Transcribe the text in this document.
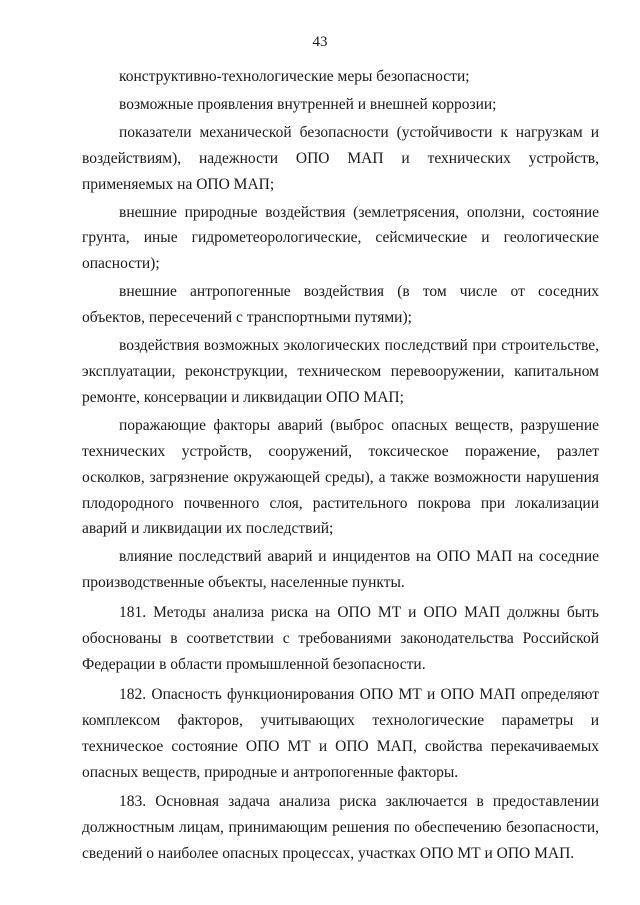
43

конструктивно-технологические меры безопасности;

возможные проявления внутренней и внешней коррозии;

показатели механической безопасности (устойчивости к нагрузкам и воздействиям), надежности ОПО МАП и технических устройств, применяемых на ОПО МАП;

внешние природные воздействия (землетрясения, оползни, состояние грунта, иные гидрометеорологические, сейсмические и геологические опасности);

внешние антропогенные воздействия (в том числе от соседних объектов, пересечений с транспортными путями);

воздействия возможных экологических последствий при строительстве, эксплуатации, реконструкции, техническом перевооружении, капитальном ремонте, консервации и ликвидации ОПО МАП;

поражающие факторы аварий (выброс опасных веществ, разрушение технических устройств, сооружений, токсическое поражение, разлет осколков, загрязнение окружающей среды), а также возможности нарушения плодородного почвенного слоя, растительного покрова при локализации аварий и ликвидации их последствий;

влияние последствий аварий и инцидентов на ОПО МАП на соседние производственные объекты, населенные пункты.

181. Методы анализа риска на ОПО МТ и ОПО МАП должны быть обоснованы в соответствии с требованиями законодательства Российской Федерации в области промышленной безопасности.

182. Опасность функционирования ОПО МТ и ОПО МАП определяют комплексом факторов, учитывающих технологические параметры и техническое состояние ОПО МТ и ОПО МАП, свойства перекачиваемых опасных веществ, природные и антропогенные факторы.

183. Основная задача анализа риска заключается в предоставлении должностным лицам, принимающим решения по обеспечению безопасности, сведений о наиболее опасных процессах, участках ОПО МТ и ОПО МАП.
